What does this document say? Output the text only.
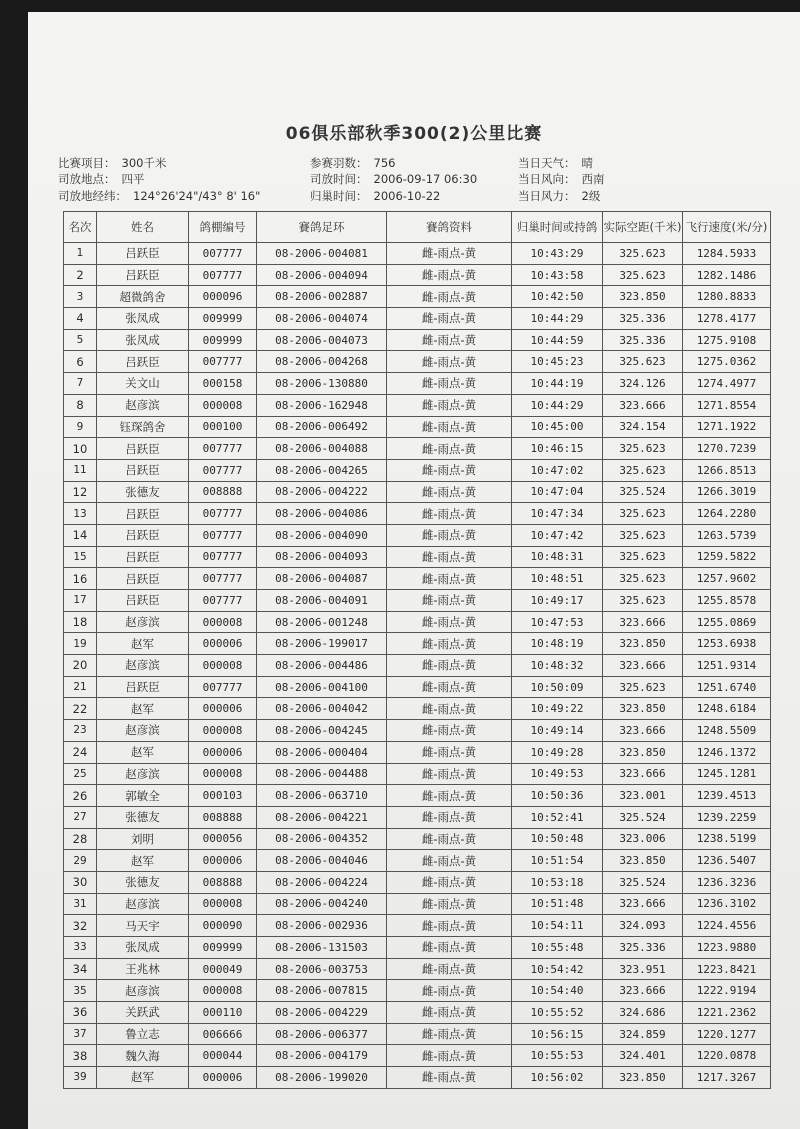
06俱乐部秋季300(2)公里比赛
比赛项目： 300千米
司放地点： 四平
司放地经纬： 124°26'24"/43° 8' 16"
参赛羽数： 756
司放时间： 2006-09-17 06:30
归巢时间： 2006-10-22
当日天气： 晴
当日风向： 西南
当日风力： 2级
名次	姓名	鸽棚编号	賽鸽足环	賽鸽资料	归巢时间或持鸽	实际空距(千米)	飞行速度(米/分)
1	吕跃臣	007777	08-2006-004081	雌-雨点-黄	10:43:29	325.623	1284.5933
2	吕跃臣	007777	08-2006-004094	雌-雨点-黄	10:43:58	325.623	1282.1486
3	超微鸽舍	000096	08-2006-002887	雌-雨点-黄	10:42:50	323.850	1280.8833
4	张凤成	009999	08-2006-004074	雌-雨点-黄	10:44:29	325.336	1278.4177
5	张凤成	009999	08-2006-004073	雌-雨点-黄	10:44:59	325.336	1275.9108
6	吕跃臣	007777	08-2006-004268	雌-雨点-黄	10:45:23	325.623	1275.0362
7	关文山	000158	08-2006-130880	雌-雨点-黄	10:44:19	324.126	1274.4977
8	赵彦滨	000008	08-2006-162948	雌-雨点-黄	10:44:29	323.666	1271.8554
9	钰琛鸽舍	000100	08-2006-006492	雌-雨点-黄	10:45:00	324.154	1271.1922
10	吕跃臣	007777	08-2006-004088	雌-雨点-黄	10:46:15	325.623	1270.7239
11	吕跃臣	007777	08-2006-004265	雌-雨点-黄	10:47:02	325.623	1266.8513
12	张德友	008888	08-2006-004222	雌-雨点-黄	10:47:04	325.524	1266.3019
13	吕跃臣	007777	08-2006-004086	雌-雨点-黄	10:47:34	325.623	1264.2280
14	吕跃臣	007777	08-2006-004090	雌-雨点-黄	10:47:42	325.623	1263.5739
15	吕跃臣	007777	08-2006-004093	雌-雨点-黄	10:48:31	325.623	1259.5822
16	吕跃臣	007777	08-2006-004087	雌-雨点-黄	10:48:51	325.623	1257.9602
17	吕跃臣	007777	08-2006-004091	雌-雨点-黄	10:49:17	325.623	1255.8578
18	赵彦滨	000008	08-2006-001248	雌-雨点-黄	10:47:53	323.666	1255.0869
19	赵军	000006	08-2006-199017	雌-雨点-黄	10:48:19	323.850	1253.6938
20	赵彦滨	000008	08-2006-004486	雌-雨点-黄	10:48:32	323.666	1251.9314
21	吕跃臣	007777	08-2006-004100	雌-雨点-黄	10:50:09	325.623	1251.6740
22	赵军	000006	08-2006-004042	雌-雨点-黄	10:49:22	323.850	1248.6184
23	赵彦滨	000008	08-2006-004245	雌-雨点-黄	10:49:14	323.666	1248.5509
24	赵军	000006	08-2006-000404	雌-雨点-黄	10:49:28	323.850	1246.1372
25	赵彦滨	000008	08-2006-004488	雌-雨点-黄	10:49:53	323.666	1245.1281
26	郭敏全	000103	08-2006-063710	雌-雨点-黄	10:50:36	323.001	1239.4513
27	张德友	008888	08-2006-004221	雌-雨点-黄	10:52:41	325.524	1239.2259
28	刘明	000056	08-2006-004352	雌-雨点-黄	10:50:48	323.006	1238.5199
29	赵军	000006	08-2006-004046	雌-雨点-黄	10:51:54	323.850	1236.5407
30	张德友	008888	08-2006-004224	雌-雨点-黄	10:53:18	325.524	1236.3236
31	赵彦滨	000008	08-2006-004240	雌-雨点-黄	10:51:48	323.666	1236.3102
32	马天宇	000090	08-2006-002936	雌-雨点-黄	10:54:11	324.093	1224.4556
33	张凤成	009999	08-2006-131503	雌-雨点-黄	10:55:48	325.336	1223.9880
34	王兆林	000049	08-2006-003753	雌-雨点-黄	10:54:42	323.951	1223.8421
35	赵彦滨	000008	08-2006-007815	雌-雨点-黄	10:54:40	323.666	1222.9194
36	关跃武	000110	08-2006-004229	雌-雨点-黄	10:55:52	324.686	1221.2362
37	鲁立志	006666	08-2006-006377	雌-雨点-黄	10:56:15	324.859	1220.1277
38	魏久海	000044	08-2006-004179	雌-雨点-黄	10:55:53	324.401	1220.0878
39	赵军	000006	08-2006-199020	雌-雨点-黄	10:56:02	323.850	1217.3267
